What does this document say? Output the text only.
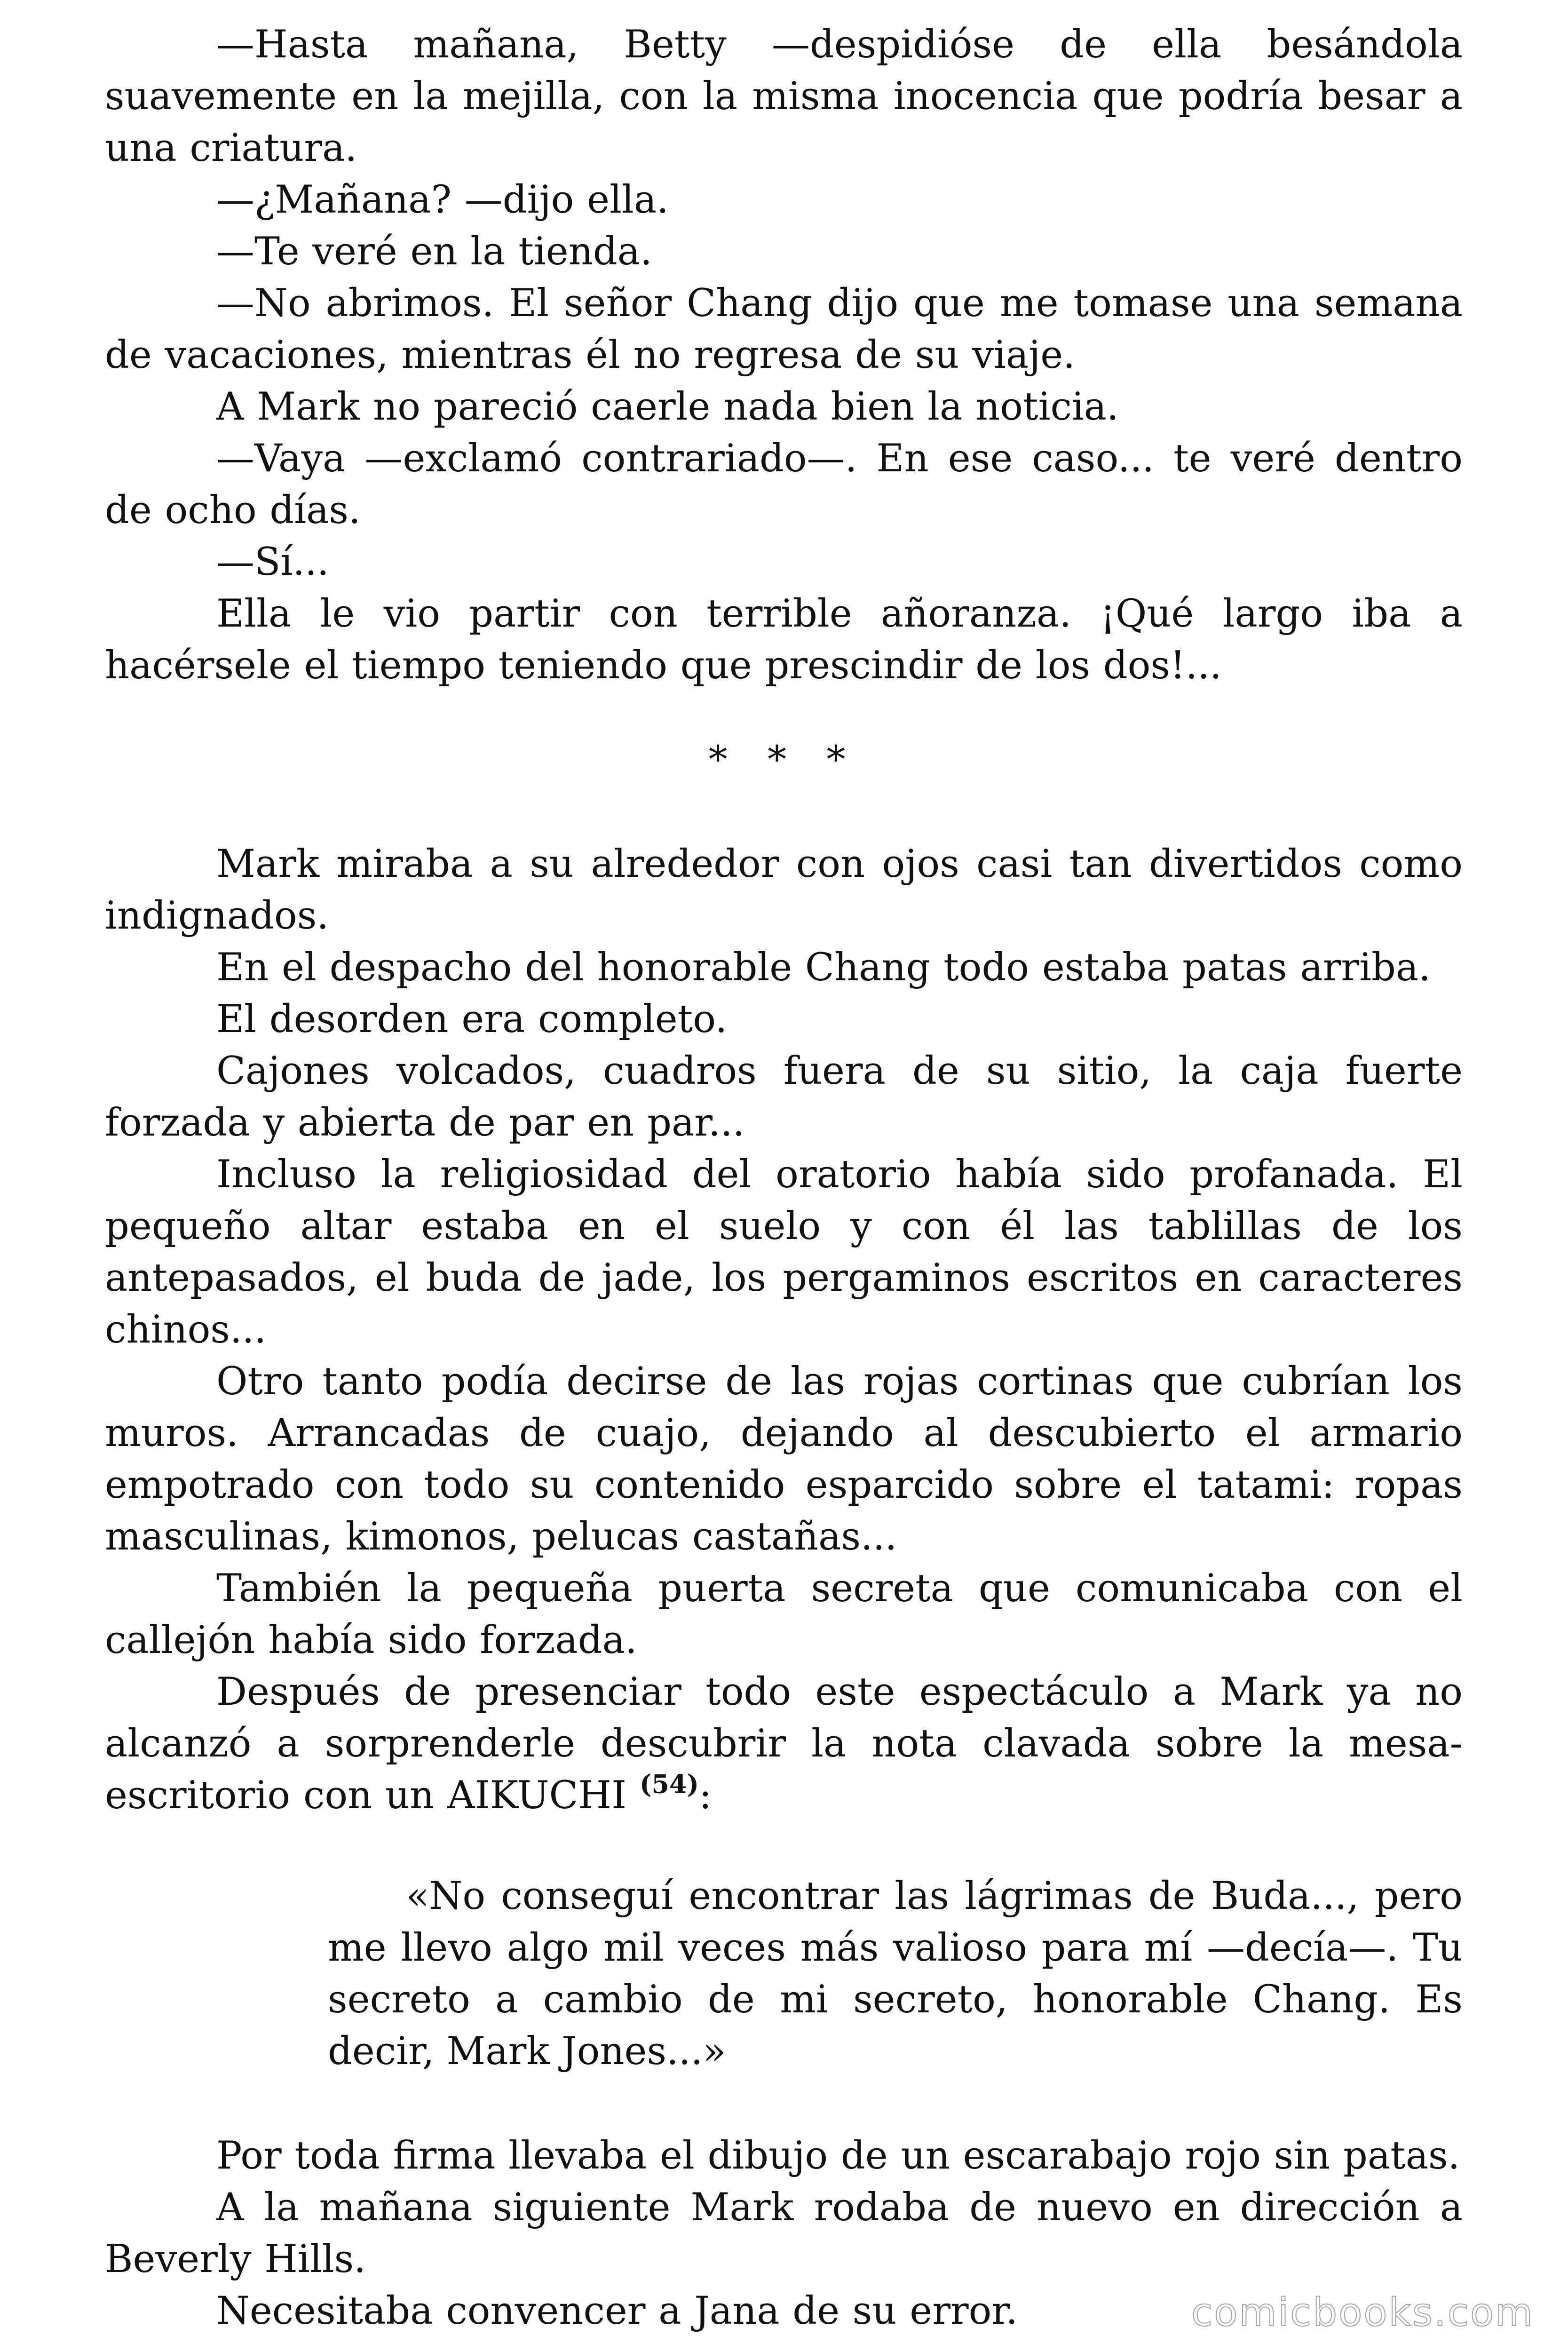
—Hasta mañana, Betty —despidióse de ella besándola suavemente en la mejilla, con la misma inocencia que podría besar a una criatura.

—¿Mañana? —dijo ella.

—Te veré en la tienda.

—No abrimos. El señor Chang dijo que me tomase una semana de vacaciones, mientras él no regresa de su viaje.

A Mark no pareció caerle nada bien la noticia.

—Vaya —exclamó contrariado—. En ese caso... te veré dentro de ocho días.

—Sí...

Ella le vio partir con terrible añoranza. ¡Qué largo iba a hacérsele el tiempo teniendo que prescindir de los dos!...

* * *

Mark miraba a su alrededor con ojos casi tan divertidos como indignados.

En el despacho del honorable Chang todo estaba patas arriba.

El desorden era completo.

Cajones volcados, cuadros fuera de su sitio, la caja fuerte forzada y abierta de par en par...

Incluso la religiosidad del oratorio había sido profanada. El pequeño altar estaba en el suelo y con él las tablillas de los antepasados, el buda de jade, los pergaminos escritos en caracteres chinos...

Otro tanto podía decirse de las rojas cortinas que cubrían los muros. Arrancadas de cuajo, dejando al descubierto el armario empotrado con todo su contenido esparcido sobre el tatami: ropas masculinas, kimonos, pelucas castañas...

También la pequeña puerta secreta que comunicaba con el callejón había sido forzada.

Después de presenciar todo este espectáculo a Mark ya no alcanzó a sorprenderle descubrir la nota clavada sobre la mesa-escritorio con un AIKUCHI $^{(54)}$:

«No conseguí encontrar las lágrimas de Buda..., pero me llevo algo mil veces más valioso para mí —decía—. Tu secreto a cambio de mi secreto, honorable Chang. Es decir, Mark Jones...»

Por toda firma llevaba el dibujo de un escarabajo rojo sin patas.

A la mañana siguiente Mark rodaba de nuevo en dirección a Beverly Hills.

Necesitaba convencer a Jana de su error.	comicbooks.com
